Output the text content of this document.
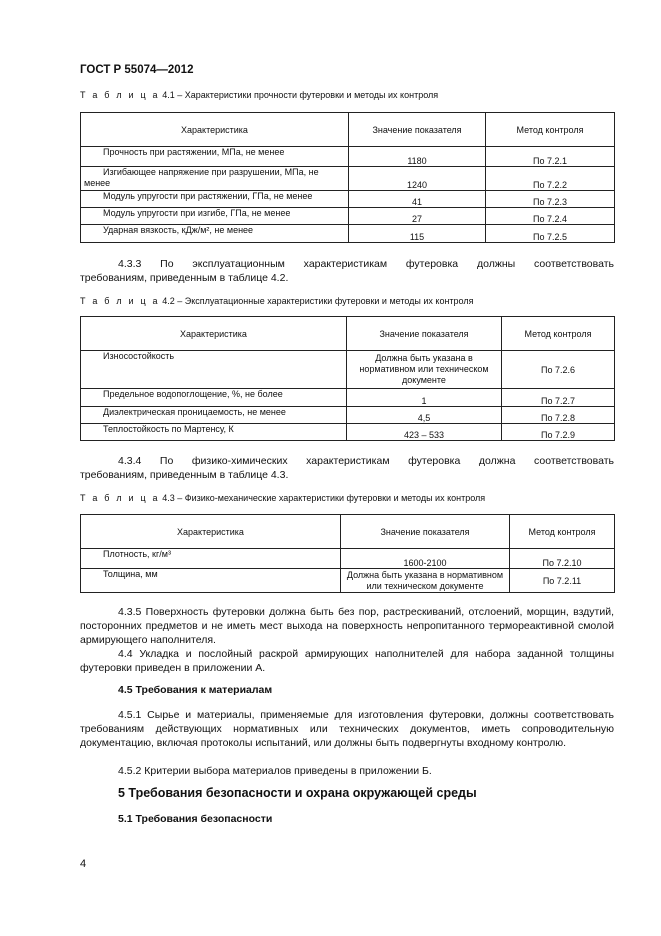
ГОСТ Р 55074—2012
Т а б л и ц а 4.1 – Характеристики прочности футеровки и методы их контроля
Характеристика	Значение показателя	Метод контроля
Прочность при растяжении, МПа, не менее	1180	По 7.2.1
Изгибающее напряжение при разрушении, МПа, не менее	1240	По 7.2.2
Модуль упругости при растяжении, ГПа, не менее	41	По 7.2.3
Модуль упругости при изгибе, ГПа, не менее	27	По 7.2.4
Ударная вязкость, кДж/м², не менее	115	По 7.2.5
4.3.3 По эксплуатационным характеристикам футеровка должны соответствовать
требованиям, приведенным в таблице 4.2.
Т а б л и ц а 4.2 – Эксплуатационные характеристики футеровки и методы их контроля
Характеристика	Значение показателя	Метод контроля
Износостойкость	Должна быть указана в нормативном или техническом документе	По 7.2.6
Предельное водопоглощение, %, не более	1	По 7.2.7
Диэлектрическая проницаемость, не менее	4,5	По 7.2.8
Теплостойкость по Мартенсу, К	423 – 533	По 7.2.9
4.3.4 По физико-химических характеристикам футеровка должна соответствовать
требованиям, приведенным в таблице 4.3.
Т а б л и ц а 4.3 – Физико-механические характеристики футеровки и методы их контроля
Характеристика	Значение показателя	Метод контроля
Плотность, кг/м³	1600-2100	По 7.2.10
Толщина, мм	Должна быть указана в нормативном или техническом документе	По 7.2.11
4.3.5 Поверхность футеровки должна быть без пор, растрескиваний, отслоений, морщин, вздутий, посторонних предметов и не иметь мест выхода на поверхность непропитанного термореактивной смолой армирующего наполнителя.
4.4 Укладка и послойный раскрой армирующих наполнителей для набора заданной толщины футеровки приведен в приложении А.
4.5 Требования к материалам
4.5.1 Сырье и материалы, применяемые для изготовления футеровки, должны соответствовать требованиям действующих нормативных или технических документов, иметь сопроводительную документацию, включая протоколы испытаний, или должны быть подвергнуты входному контролю.
4.5.2 Критерии выбора материалов приведены в приложении Б.
5 Требования безопасности и охрана окружающей среды
5.1 Требования безопасности
4
